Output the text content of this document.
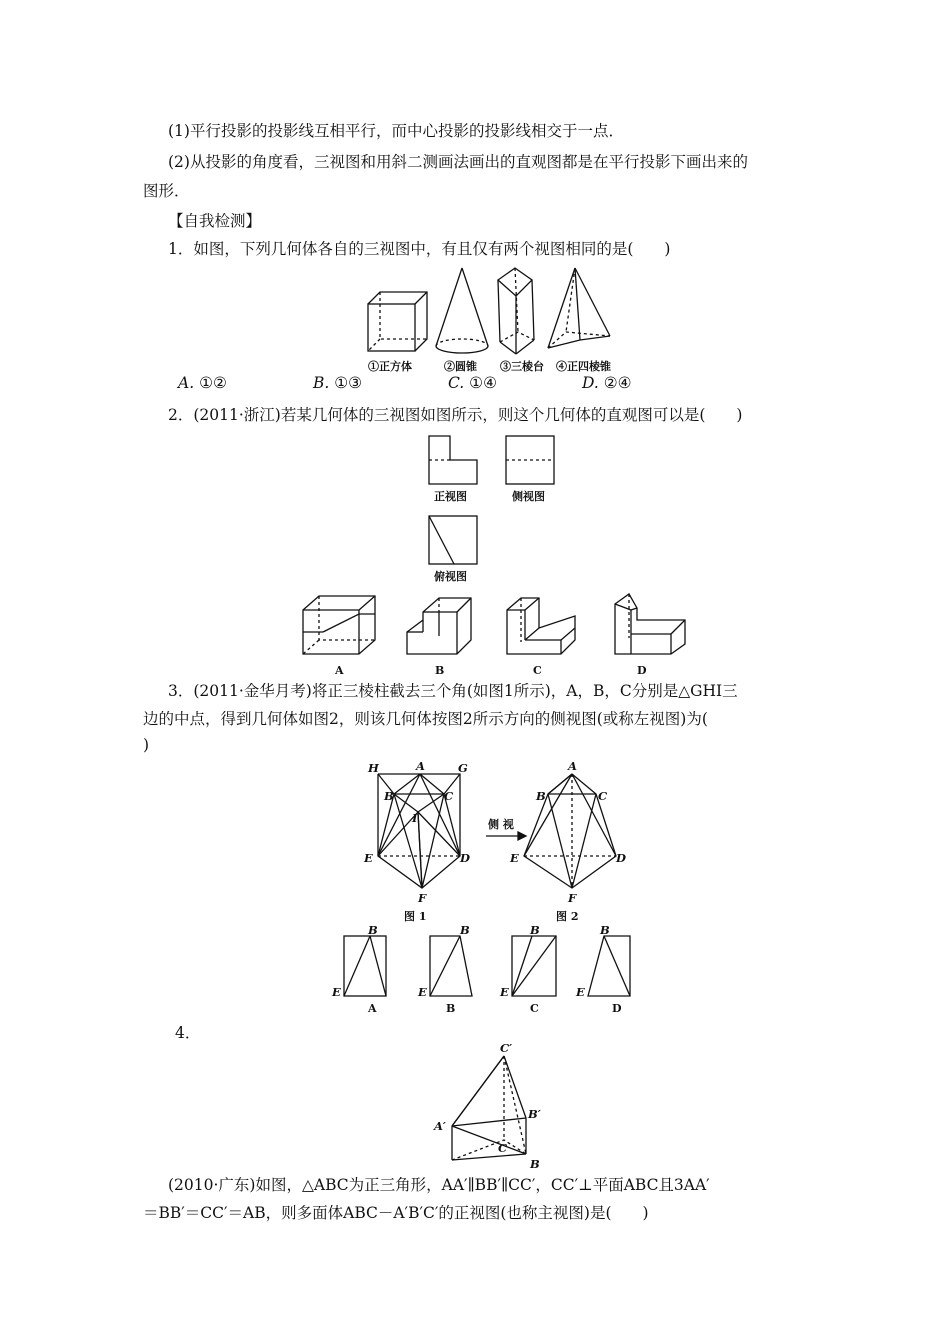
(1)平行投影的投影线互相平行，而中心投影的投影线相交于一点．
(2)从投影的角度看，三视图和用斜二测画法画出的直观图都是在平行投影下画出来的
图形．
【自我检测】
1．如图，下列几何体各自的三视图中，有且仅有两个视图相同的是(　　)
①正方体	②圆锥 ③三棱台 ④正四棱锥
A. ①②	B. ①③	C. ①④	D. ②④
2．(2011·浙江)若某几何体的三视图如图所示，则这个几何体的直观图可以是(　　)
正视图	侧视图
俯视图
A	B	C	D
3．(2011·金华月考)将正三棱柱截去三个角(如图1所示)，A，B，C分别是△GHI三
边的中点，得到几何体如图2，则该几何体按图2所示方向的侧视图(或称左视图)为(
)
H	A	G
B	C
I
E	D
F
图 1
侧 视
A
B	C
E	D
F
图 2
B
E
B
E
B
E
B
E
A	B	C	D
4．
C′
B′
A′
C
B
(2010·广东)如图，△ABC为正三角形，AA′∥BB′∥CC′，CC′⊥平面ABC且3AA′
＝BB′＝CC′＝AB，则多面体ABC－A′B′C′的正视图(也称主视图)是(　　)
